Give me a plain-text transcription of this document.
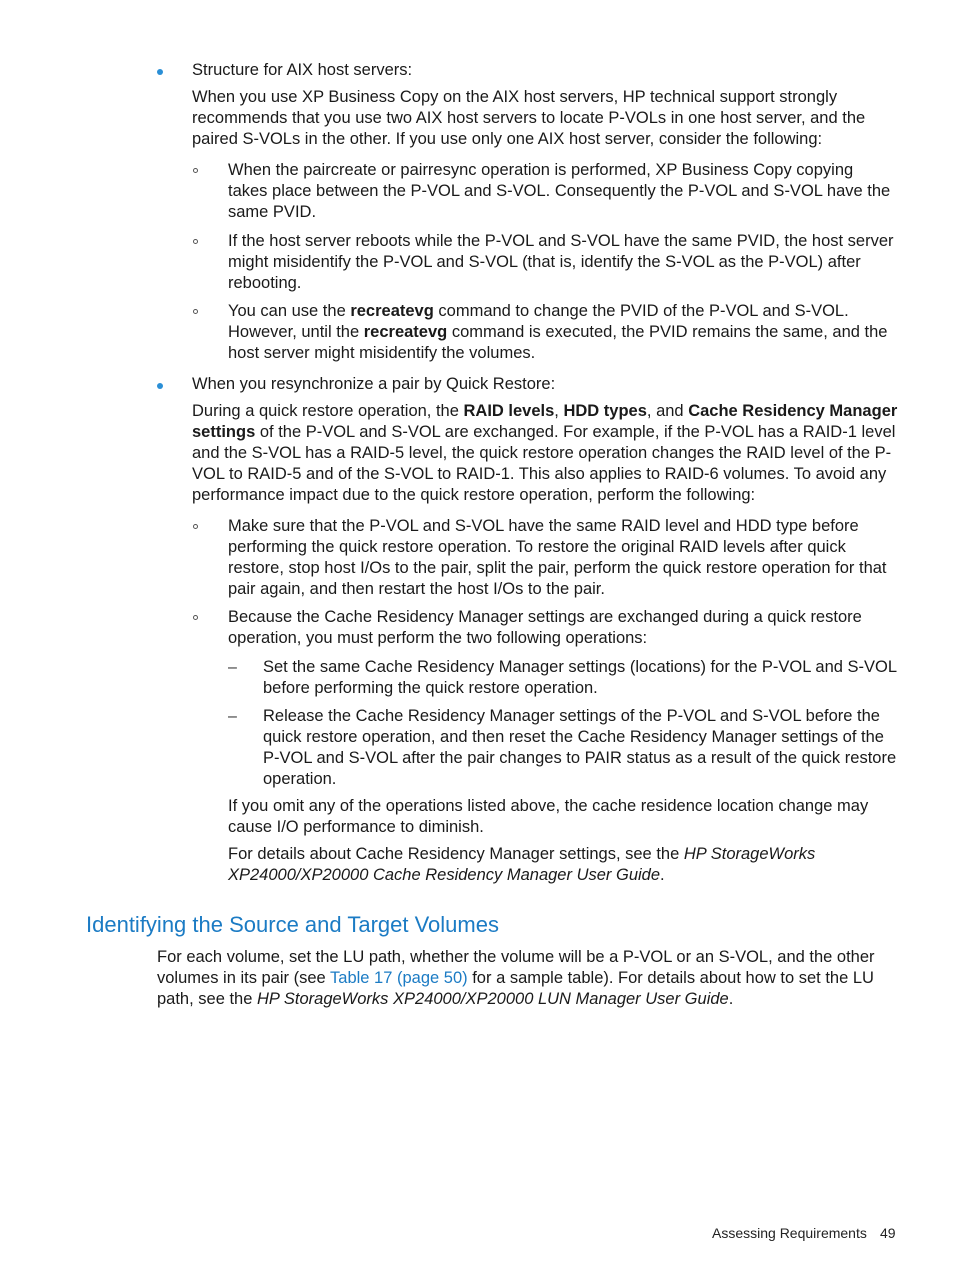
Structure for AIX host servers:

When you use XP Business Copy on the AIX host servers, HP technical support strongly recommends that you use two AIX host servers to locate P-VOLs in one host server, and the paired S-VOLs in the other. If you use only one AIX host server, consider the following:

When the paircreate or pairresync operation is performed, XP Business Copy copying takes place between the P-VOL and S-VOL. Consequently the P-VOL and S-VOL have the same PVID.

If the host server reboots while the P-VOL and S-VOL have the same PVID, the host server might misidentify the P-VOL and S-VOL (that is, identify the S-VOL as the P-VOL) after rebooting.

You can use the recreatevg command to change the PVID of the P-VOL and S-VOL. However, until the recreatevg command is executed, the PVID remains the same, and the host server might misidentify the volumes.

When you resynchronize a pair by Quick Restore:

During a quick restore operation, the RAID levels, HDD types, and Cache Residency Manager settings of the P-VOL and S-VOL are exchanged. For example, if the P-VOL has a RAID-1 level and the S-VOL has a RAID-5 level, the quick restore operation changes the RAID level of the P-VOL to RAID-5 and of the S-VOL to RAID-1. This also applies to RAID-6 volumes. To avoid any performance impact due to the quick restore operation, perform the following:

Make sure that the P-VOL and S-VOL have the same RAID level and HDD type before performing the quick restore operation. To restore the original RAID levels after quick restore, stop host I/Os to the pair, split the pair, perform the quick restore operation for that pair again, and then restart the host I/Os to the pair.

Because the Cache Residency Manager settings are exchanged during a quick restore operation, you must perform the two following operations:

– Set the same Cache Residency Manager settings (locations) for the P-VOL and S-VOL before performing the quick restore operation.

– Release the Cache Residency Manager settings of the P-VOL and S-VOL before the quick restore operation, and then reset the Cache Residency Manager settings of the P-VOL and S-VOL after the pair changes to PAIR status as a result of the quick restore operation.

If you omit any of the operations listed above, the cache residence location change may cause I/O performance to diminish.

For details about Cache Residency Manager settings, see the HP StorageWorks XP24000/XP20000 Cache Residency Manager User Guide.

Identifying the Source and Target Volumes

For each volume, set the LU path, whether the volume will be a P-VOL or an S-VOL, and the other volumes in its pair (see Table 17 (page 50) for a sample table). For details about how to set the LU path, see the HP StorageWorks XP24000/XP20000 LUN Manager User Guide.

Assessing Requirements 49
